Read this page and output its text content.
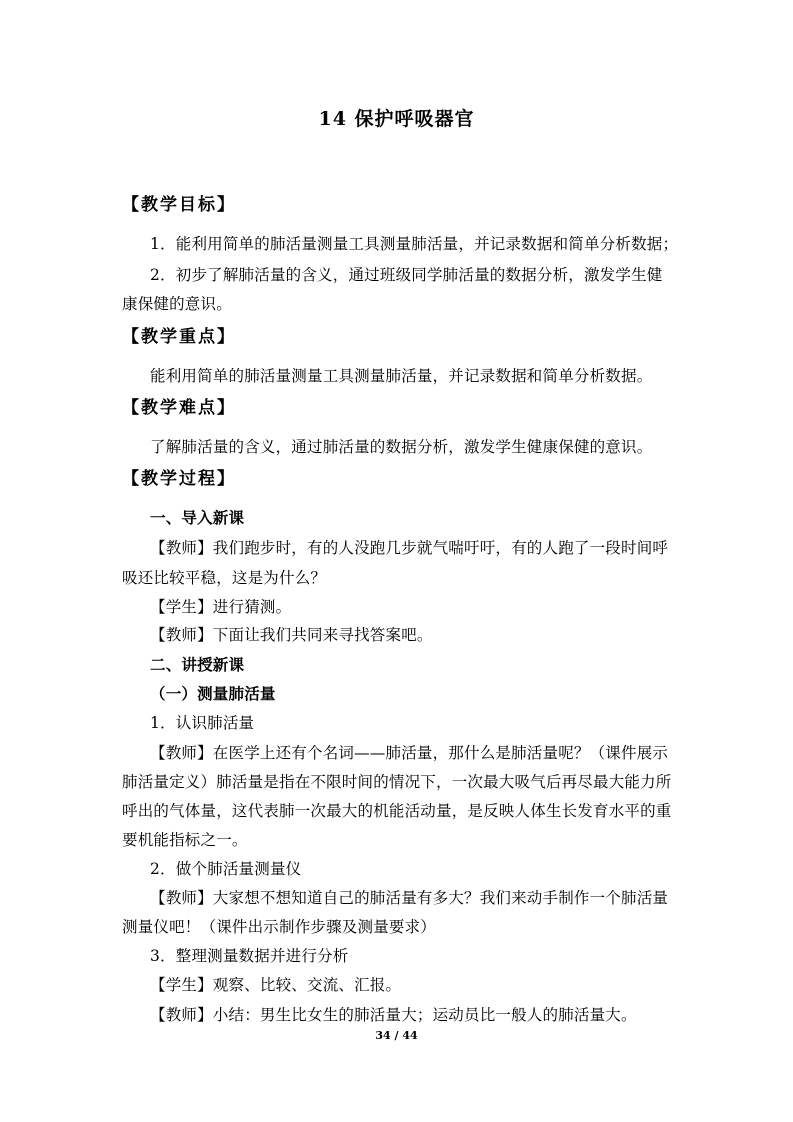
14 保护呼吸器官
【教学目标】
1．能利用简单的肺活量测量工具测量肺活量，并记录数据和简单分析数据；
2．初步了解肺活量的含义，通过班级同学肺活量的数据分析，激发学生健
康保健的意识。
【教学重点】
能利用简单的肺活量测量工具测量肺活量，并记录数据和简单分析数据。
【教学难点】
了解肺活量的含义，通过肺活量的数据分析，激发学生健康保健的意识。
【教学过程】
一、导入新课
【教师】我们跑步时，有的人没跑几步就气喘吁吁，有的人跑了一段时间呼
吸还比较平稳，这是为什么？
【学生】进行猜测。
【教师】下面让我们共同来寻找答案吧。
二、讲授新课
（一）测量肺活量
1．认识肺活量
【教师】在医学上还有个名词——肺活量，那什么是肺活量呢？（课件展示
肺活量定义）肺活量是指在不限时间的情况下，一次最大吸气后再尽最大能力所
呼出的气体量，这代表肺一次最大的机能活动量，是反映人体生长发育水平的重
要机能指标之一。
2．做个肺活量测量仪
【教师】大家想不想知道自己的肺活量有多大？我们来动手制作一个肺活量
测量仪吧！（课件出示制作步骤及测量要求）
3．整理测量数据并进行分析
【学生】观察、比较、交流、汇报。
【教师】小结：男生比女生的肺活量大；运动员比一般人的肺活量大。
34 / 44
